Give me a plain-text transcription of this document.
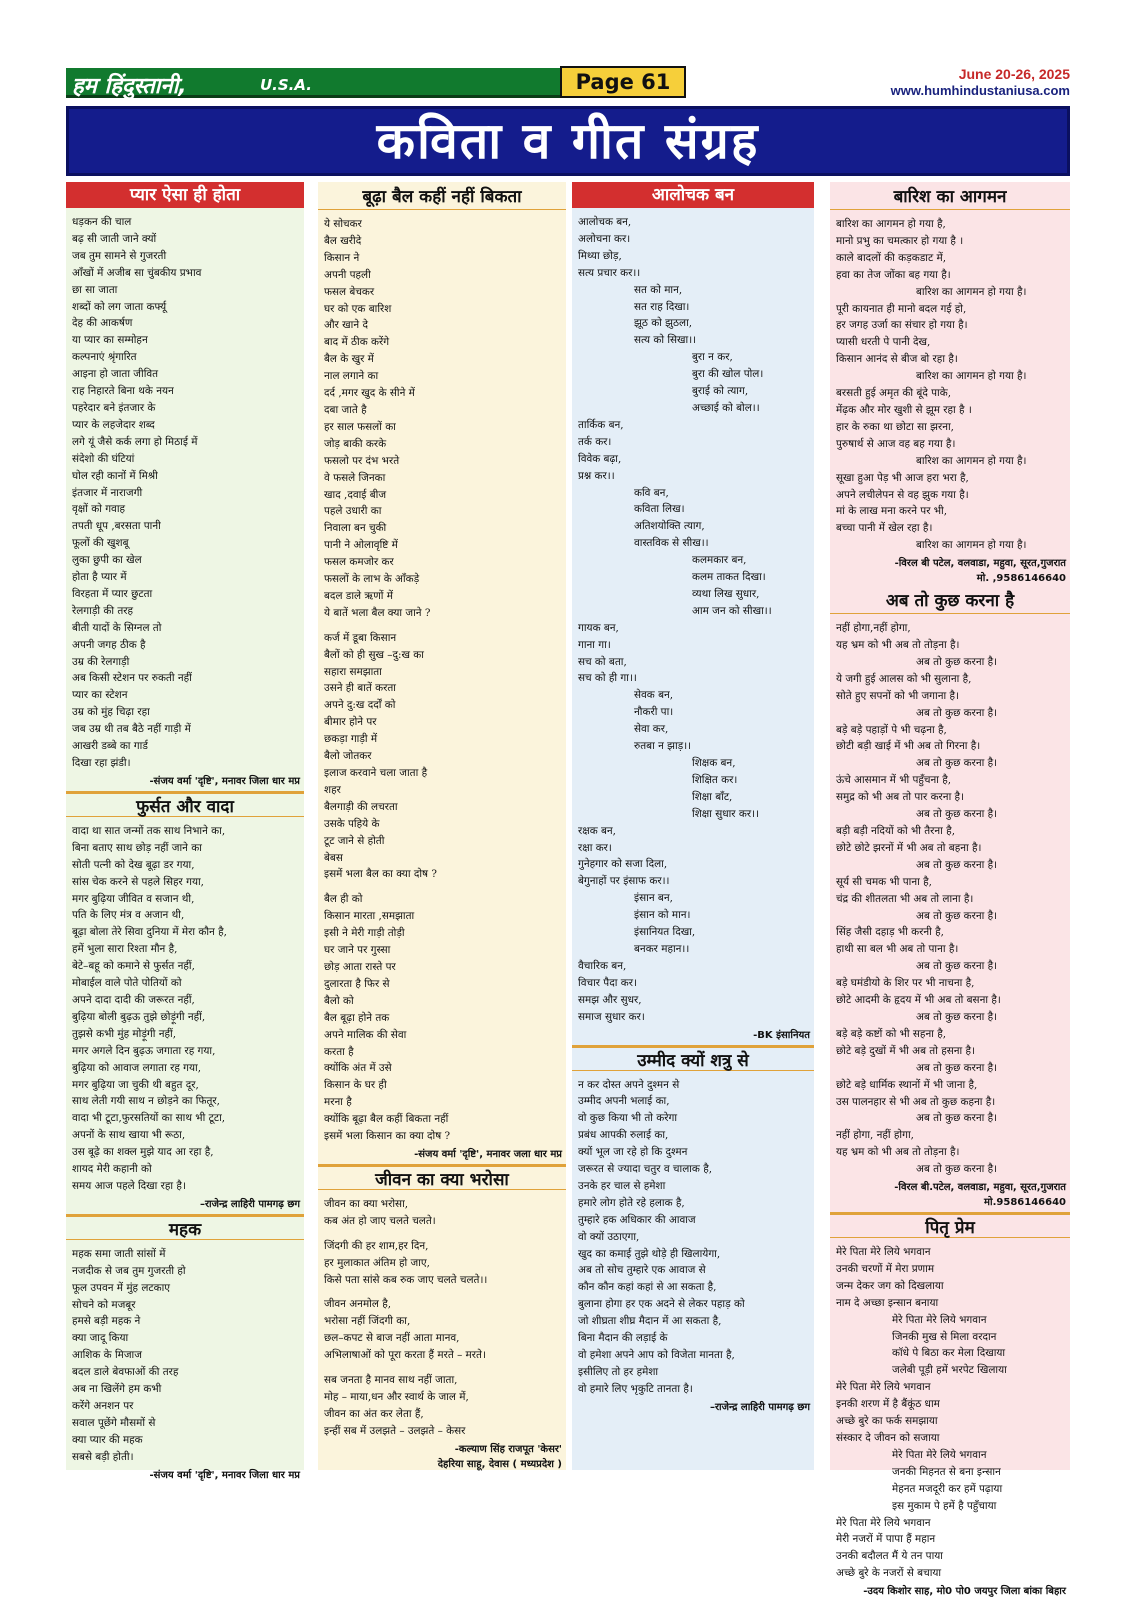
हम हिंदुस्तानी,	U.S.A.	Page 61	June 20-26, 2025
www.humhindustaniusa.com
कविता व गीत संग्रह
प्यार ऐसा ही होता
धड़कन की चाल
बढ़ सी जाती जाने क्यों
जब तुम सामने से गुजरती
आँखों में अजीब सा चुंबकीय प्रभाव
छा सा जाता
शब्दों को लग जाता कर्फ्यू
देह की आकर्षण
या प्यार का सम्मोहन
कल्पनाएं श्रृंगारित
आइना हो जाता जीवित
राह निहारते बिना थके नयन
पहरेदार बने इंतजार के
प्यार के लहजेदार शब्द
लगे यूं जैसे कर्क लगा हो मिठाई में
संदेशो की घंटियां
घोल रही कानों में मिश्री
इंतजार में नाराजगी
वृक्षों को गवाह
तपती धूप ,बरसता पानी
फूलों की खुशबू
लुका छुपी का खेल
होता है प्यार में
विरहता में प्यार छुटता
रेलगाड़ी की तरह
बीती यादों के सिग्नल तो
अपनी जगह ठीक है
उम्र की रेलगाड़ी
अब किसी स्टेशन पर रुकती नहीं
प्यार का स्टेशन
उम्र को मुंह चिढ़ा रहा
जब उम्र थी तब बैठे नहीं गाड़ी में
आखरी डब्बे का गार्ड
दिखा रहा झंडी।
-संजय वर्मा 'दृष्टि', मनावर जिला धार मप्र
फुर्सत और वादा
वादा था सात जन्मों तक साथ निभाने का,
बिना बताए साथ छोड़ नहीं जाने का
सोती पत्नी को देख बूढ़ा डर गया,
सांस चेक करने से पहले सिहर गया,
मगर बुढ़िया जीवित व सजान थी,
पति के लिए मंत्र व अजान थी,
बूढ़ा बोला तेरे सिवा दुनिया में मेरा कौन है,
हमें भुला सारा रिश्ता मौन है,
बेटे–बहू को कमाने से फुर्सत नहीं,
मोबाईल वाले पोते पोतियों को
अपने दादा दादी की जरूरत नहीं,
बुढ़िया बोली बुढ़ऊ तुझे छोड़ूंगी नहीं,
तुझसे कभी मुंह मोड़ूंगी नहीं,
मगर अगले दिन बुढ़ऊ जगाता रह गया,
बुढ़िया को आवाज लगाता रह गया,
मगर बुढ़िया जा चुकी थी बहुत दूर,
साथ लेती गयी साथ न छोड़ने का फितूर,
वादा भी टूटा,फुरसतियों का साथ भी टूटा,
अपनों के साथ खाया भी रूठा,
उस बूढ़े का शक्ल मुझे याद आ रहा है,
शायद मेरी कहानी को
समय आज पहले दिखा रहा है।
–राजेन्द्र लाहिरी पामगढ़ छग
महक
महक समा जाती सांसों में
नजदीक से जब तुम गुजरती हो
फूल उपवन में मुंह लटकाए
सोचने को मजबूर
हमसे बड़ी महक ने
क्या जादू किया
आशिक के मिजाज
बदल डाले बेवफाओं की तरह
अब ना खिलेंगे हम कभी
करेंगे अनशन पर
सवाल पूछेंगे मौसमों से
क्या प्यार की महक
सबसे बड़ी होती।
-संजय वर्मा 'दृष्टि', मनावर जिला धार मप्र
बूढ़ा बैल कहीं नहीं बिकता
ये सोचकर
बैल खरीदे
किसान ने
अपनी पहली
फसल बेचकर
घर को एक बारिश
और खाने दे
बाद में ठीक करेंगे
बैल के खुर में
नाल लगाने का
दर्द ,मगर खुद के सीने में
दबा जाते है
हर साल फसलों का
जोड़ बाकी करके
फसलो पर दंभ भरते
वे फसले जिनका
खाद ,दवाई बीज
पहले उधारी का
निवाला बन चुकी
पानी ने ओलावृष्टि में
फसल कमजोर कर
फसलों के लाभ के आँकड़े
बदल डाले ऋणों में
ये बातें भला बैल क्या जाने ?
कर्ज में डूबा किसान
बैलों को ही सुख –दु:ख का
सहारा समझाता
उसने ही बातें करता
अपने दु:ख दर्दों को
बीमार होने पर
छकड़ा गाड़ी में
बैलो जोतकर
इलाज करवाने चला जाता है
शहर
बैलगाड़ी की लचरता
उसके पहिये के
टूट जाने से होती
बेबस
इसमें भला बैल का क्या दोष ?
बैल ही को
किसान मारता ,समझाता
इसी ने मेरी गाड़ी तोड़ी
घर जाने पर गुस्सा
छोड़ आता रास्ते पर
दुलारता है फिर से
बैलो को
बैल बूढ़ा होने तक
अपने मालिक की सेवा
करता है
क्योंकि अंत में उसे
किसान के घर ही
मरना है
क्योंकि बूढ़ा बैल कहीं बिकता नहीं
इसमें भला किसान का क्या दोष ?
-संजय वर्मा 'दृष्टि', मनावर जला धार मप्र
जीवन का क्या भरोसा
जीवन का क्या भरोसा,
कब अंत हो जाए चलते चलते।
जिंदगी की हर शाम,हर दिन,
हर मुलाकात अंतिम हो जाए,
किसे पता सांसे कब रुक जाए चलते चलते।।
जीवन अनमोल है,
भरोसा नहीं जिंदगी का,
छल–कपट से बाज नहीं आता मानव,
अभिलाषाओं को पूरा करता हैं मरते – मरते।
सब जनता है मानव साथ नहीं जाता,
मोह – माया,धन और स्वार्थ के जाल में,
जीवन का अंत कर लेता हैं,
इन्हीं सब में उलझते – उलझते – केसर
-कल्याण सिंह राजपूत 'केसर'
देहरिया साहू, देवास ( मध्यप्रदेश )
आलोचक बन
आलोचक बन,
अलोचना कर।
मिथ्या छोड़,
सत्य प्रचार कर।।
सत को मान,
सत राह दिखा।
झूठ को झुठला,
सत्य को सिखा।।
बुरा न कर,
बुरा की खोल पोल।
बुराई को त्याग,
अच्छाई को बोल।।
तार्किक बन,
तर्क कर।
विवेक बढ़ा,
प्रश्न कर।।
कवि बन,
कविता लिख।
अतिशयोक्ति त्याग,
वास्तविक से सीख।।
कलमकार बन,
कलम ताकत दिखा।
व्यथा लिख सुधार,
आम जन को सीखा।।
गायक बन,
गाना गा।
सच को बता,
सच को ही गा।।
सेवक बन,
नौकरी पा।
सेवा कर,
रुतबा न झाड़।।
शिक्षक बन,
शिक्षित कर।
शिक्षा बाँट,
शिक्षा सुधार कर।।
रक्षक बन,
रक्षा कर।
गुनेहगार को सजा दिला,
बेगुनाहों पर इंसाफ कर।।
इंसान बन,
इंसान को मान।
इंसानियत दिखा,
बनकर महान।।
वैचारिक बन,
विचार पैदा कर।
समझ और सुधर,
समाज सुधार कर।
-BK इंसानियत
उम्मीद क्यों शत्रु से
न कर दोस्त अपने दुश्मन से
उम्मीद अपनी भलाई का,
वो कुछ किया भी तो करेगा
प्रबंध आपकी रुलाई का,
क्यों भूल जा रहे हो कि दुश्मन
जरूरत से ज्यादा चतुर व चालाक है,
उनके हर चाल से हमेशा
हमारे लोग होते रहे हलाक है,
तुम्हारे हक अधिकार की आवाज
वो क्यों उठाएगा,
खुद का कमाई तुझे थोड़े ही खिलायेगा,
अब तो सोच तुम्हारे एक आवाज से
कौन कौन कहां कहां से आ सकता है,
बुलाना होगा हर एक अदने से लेकर पहाड़ को
जो शीघ्रता शीघ्र मैदान में आ सकता है,
बिना मैदान की लड़ाई के
वो हमेशा अपने आप को विजेता मानता है,
इसीलिए तो हर हमेशा
वो हमारे लिए भृकुटि तानता है।
–राजेन्द्र लाहिरी पामगढ़ छग
बारिश का आगमन
बारिश का आगमन हो गया है,
मानो प्रभु का चमत्कार हो गया है ।
काले बादलों की कड़कडाट में,
हवा का तेज जोंका बह गया है।
बारिश का आगमन हो गया है।
पूरी कायनात ही मानो बदल गई हो,
हर जगह उर्जा का संचार हो गया है।
प्यासी धरती पे पानी देख,
किसान आनंद से बीज बो रहा है।
बारिश का आगमन हो गया है।
बरसती हुई अमृत की बूंदे पाके,
मेंढ़क और मोर खुशी से झूम रहा है ।
हार के रुका था छोटा सा झरना,
पुरुषार्थ से आज वह बह गया है।
बारिश का आगमन हो गया है।
सूखा हुआ पेड़ भी आज हरा भरा है,
अपने लचीलेपन से वह झुक गया है।
मां के लाख मना करने पर भी,
बच्चा पानी में खेल रहा है।
बारिश का आगमन हो गया है।
-विरल बी पटेल, वलवाडा, महुवा, सूरत,गुजरात
मो. ,9586146640
अब तो कुछ करना है
नहीं होगा,नहीं होगा,
यह भ्रम को भी अब तो तोड़ना है।
अब तो कुछ करना है।
ये जगी हुई आलस को भी सुलाना है,
सोते हुए सपनों को भी जगाना है।
अब तो कुछ करना है।
बड़े बड़े पहाड़ों पे भी चढ़ना है,
छोटी बड़ी खाई में भी अब तो गिरना है।
अब तो कुछ करना है।
ऊंचे आसमान में भी पहुँचना है,
समुद्र को भी अब तो पार करना है।
अब तो कुछ करना है।
बड़ी बड़ी नदियों को भी तैरना है,
छोटे छोटे झरनों में भी अब तो बहना है।
अब तो कुछ करना है।
सूर्य सी चमक भी पाना है,
चंद्र की शीतलता भी अब तो लाना है।
अब तो कुछ करना है।
सिंह जैसी दहाड़ भी करनी है,
हाथी सा बल भी अब तो पाना है।
अब तो कुछ करना है।
बड़े घमंडीयो के शिर पर भी नाचना है,
छोटे आदमी के हृदय में भी अब तो बसना है।
अब तो कुछ करना है।
बड़े बड़े कष्टों को भी सहना है,
छोटे बड़े दुखों में भी अब तो हसना है।
अब तो कुछ करना है।
छोटे बड़े धार्मिक स्थानों में भी जाना है,
उस पालनहार से भी अब तो कुछ कहना है।
अब तो कुछ करना है।
नहीं होगा, नहीं होगा,
यह भ्रम को भी अब तो तोड़ना है।
अब तो कुछ करना है।
-विरल बी.पटेल, वलवाडा, महुवा, सूरत,गुजरात
मो.9586146640
पितृ प्रेम
मेरे पिता मेरे लिये भगवान
उनकी चरणों में मेरा प्रणाम
जन्म देकर जग को दिखलाया
नाम दे अच्छा इन्सान बनाया
मेरे पिता मेरे लिये भगवान
जिनकी मुख से मिला वरदान
कॉधे पे बिठा कर मेला दिखाया
जलेबी पूड़ी हमें भरपेट खिलाया
मेरे पिता मेरे लिये भगवान
इनकी शरण में है बैंकूंठ धाम
अच्छे बुरे का फर्क समझाया
संस्कार दे जीवन को सजाया
मेरे पिता मेरे लिये भगवान
जनकी मिहनत से बना इन्सान
मेहनत मजदूरी कर हमें पढ़ाया
इस मुकाम पे हमें है पहुँचाया
मेरे पिता मेरे लिये भगवान
मेरी नजरों में पापा हैं महान
उनकी बदौलत मैं ये तन पाया
अच्छे बुरे के नजरों से बचाया
-उदय किशोर साह, मो0 पो0 जयपुर जिला बांका बिहार
